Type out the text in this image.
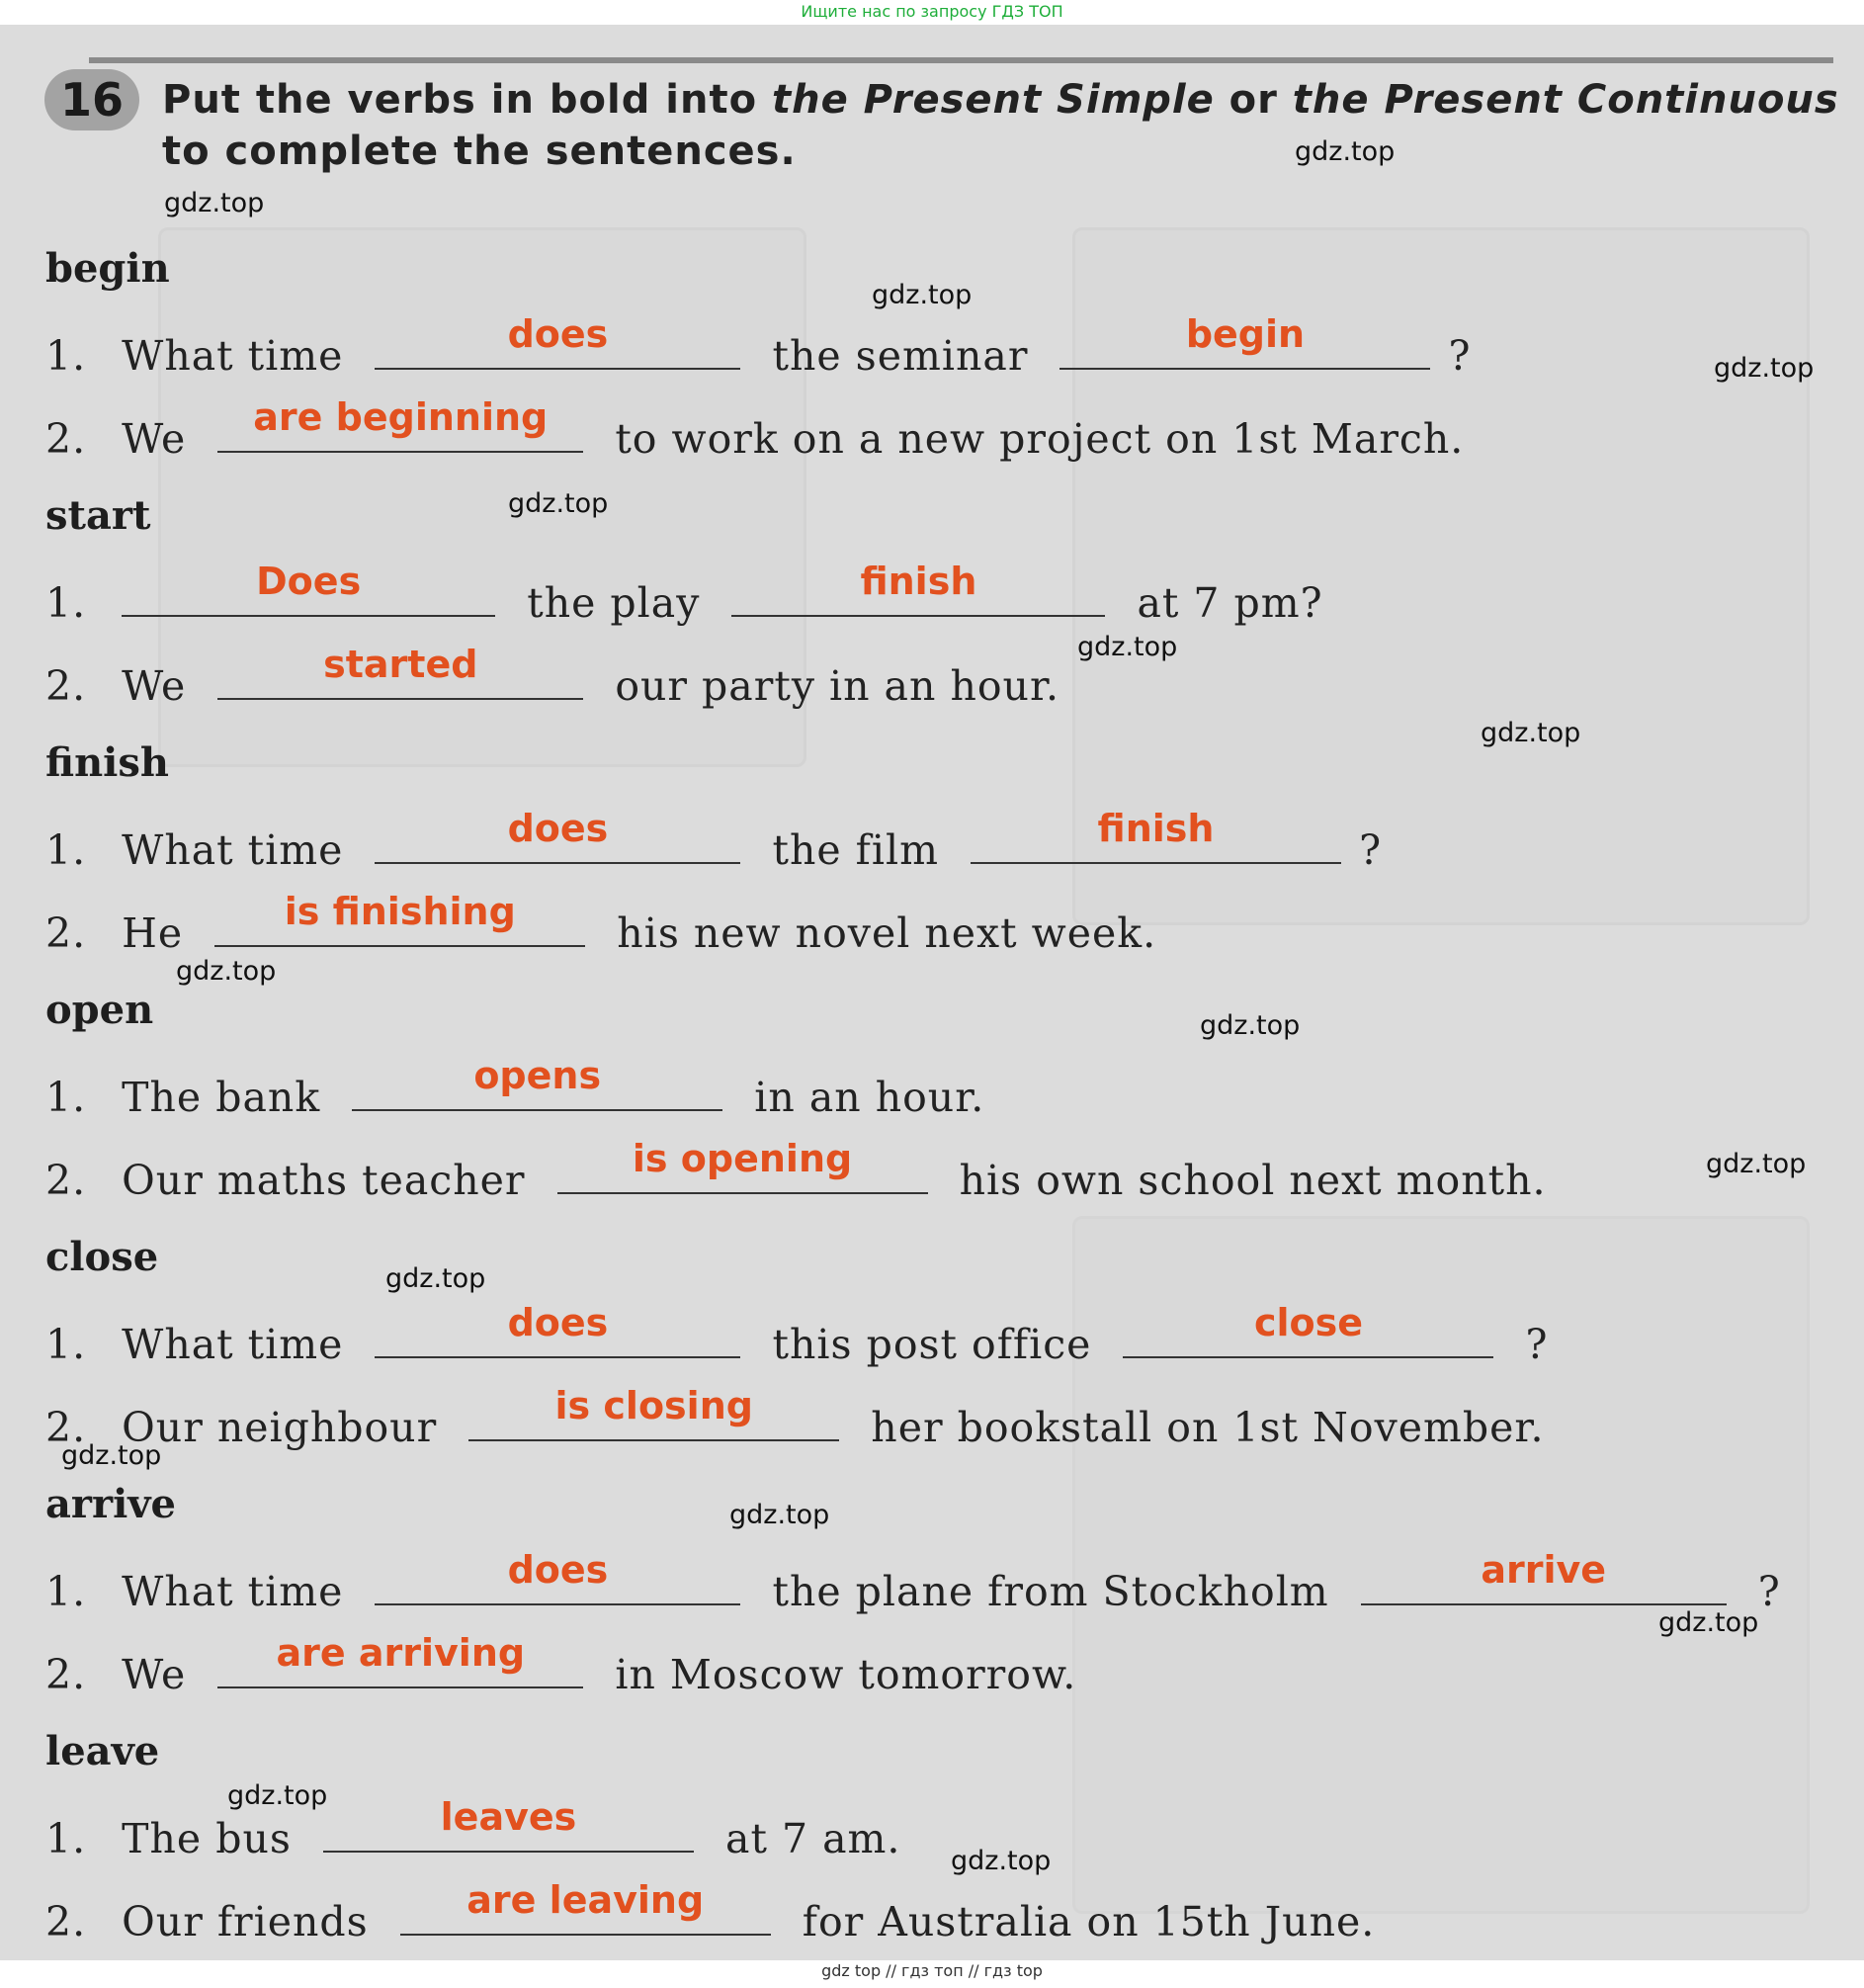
Ищите нас по запросу ГДЗ ТОП
16 Put the verbs in bold into the Present Simple or the Present Continuous
to complete the sentences.
begin
1. What time	does	the seminar	begin	?
2. We	are beginning	to work on a new project on 1st March.
start
1.	Does	the play	finish	at 7 pm?
2. We	started	our party in an hour.
finish
1. What time	does	the film	finish	?
2. He	is finishing	his new novel next week.
open
1. The bank	opens	in an hour.
2. Our maths teacher	is opening	his own school next month.
close
1. What time	does	this post office	close	?
2. Our neighbour	is closing	her bookstall on 1st November.
arrive
1. What time	does	the plane from Stockholm	arrive	?
2. We	are arriving	in Moscow tomorrow.
leave
1. The bus	leaves	at 7 am.
2. Our friends	are leaving	for Australia on 15th June.
gdz.top
gdz.top
gdz.top
gdz.top
gdz.top
gdz.top
gdz.top
gdz.top
gdz.top
gdz.top
gdz.top
gdz.top
gdz.top
gdz.top
gdz.top
gdz.top
gdz top // гдз топ // гдз top
